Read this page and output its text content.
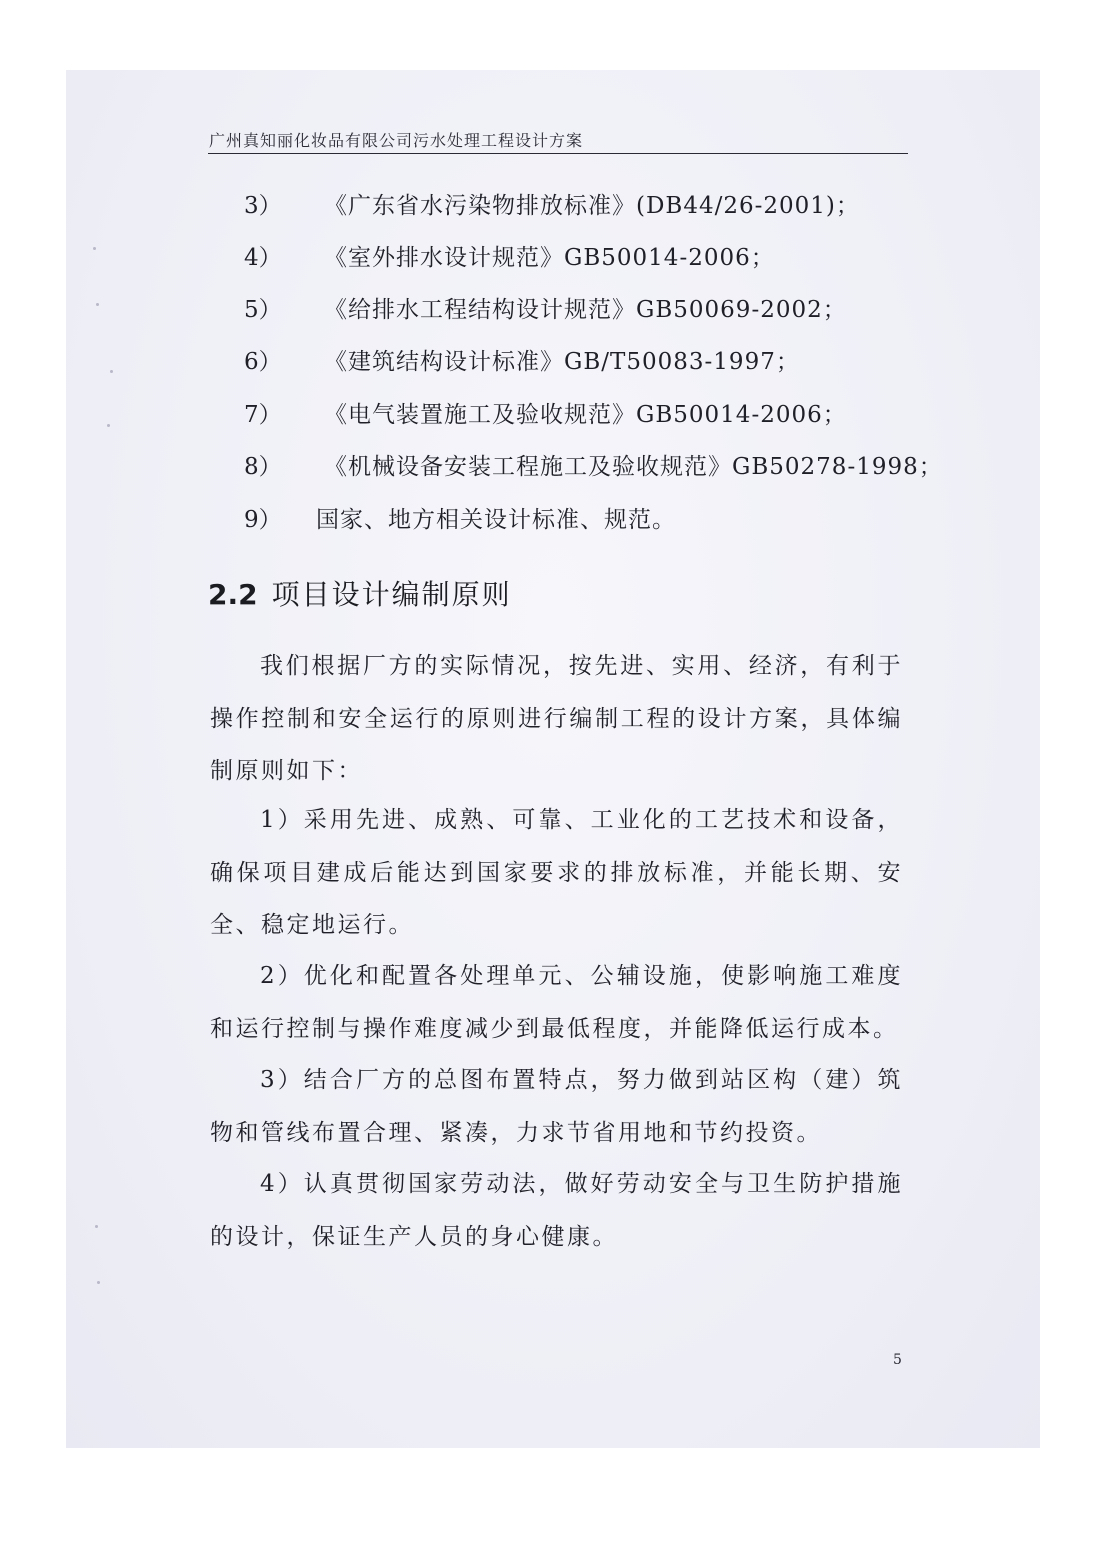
广州真知丽化妆品有限公司污水处理工程设计方案
3） 《广东省水污染物排放标准》(DB44/26-2001)；
4） 《室外排水设计规范》GB50014-2006；
5） 《给排水工程结构设计规范》GB50069-2002；
6） 《建筑结构设计标准》GB/T50083-1997；
7） 《电气装置施工及验收规范》GB50014-2006；
8） 《机械设备安装工程施工及验收规范》GB50278-1998；
9） 国家、地方相关设计标准、规范。
2.2 项目设计编制原则

我们根据厂方的实际情况，按先进、实用、经济，有利于操作控制和安全运行的原则进行编制工程的设计方案，具体编制原则如下：

1）采用先进、成熟、可靠、工业化的工艺技术和设备，确保项目建成后能达到国家要求的排放标准，并能长期、安全、稳定地运行。

2）优化和配置各处理单元、公辅设施，使影响施工难度和运行控制与操作难度减少到最低程度，并能降低运行成本。

3）结合厂方的总图布置特点，努力做到站区构（建）筑物和管线布置合理、紧凑，力求节省用地和节约投资。

4）认真贯彻国家劳动法，做好劳动安全与卫生防护措施的设计，保证生产人员的身心健康。

5
